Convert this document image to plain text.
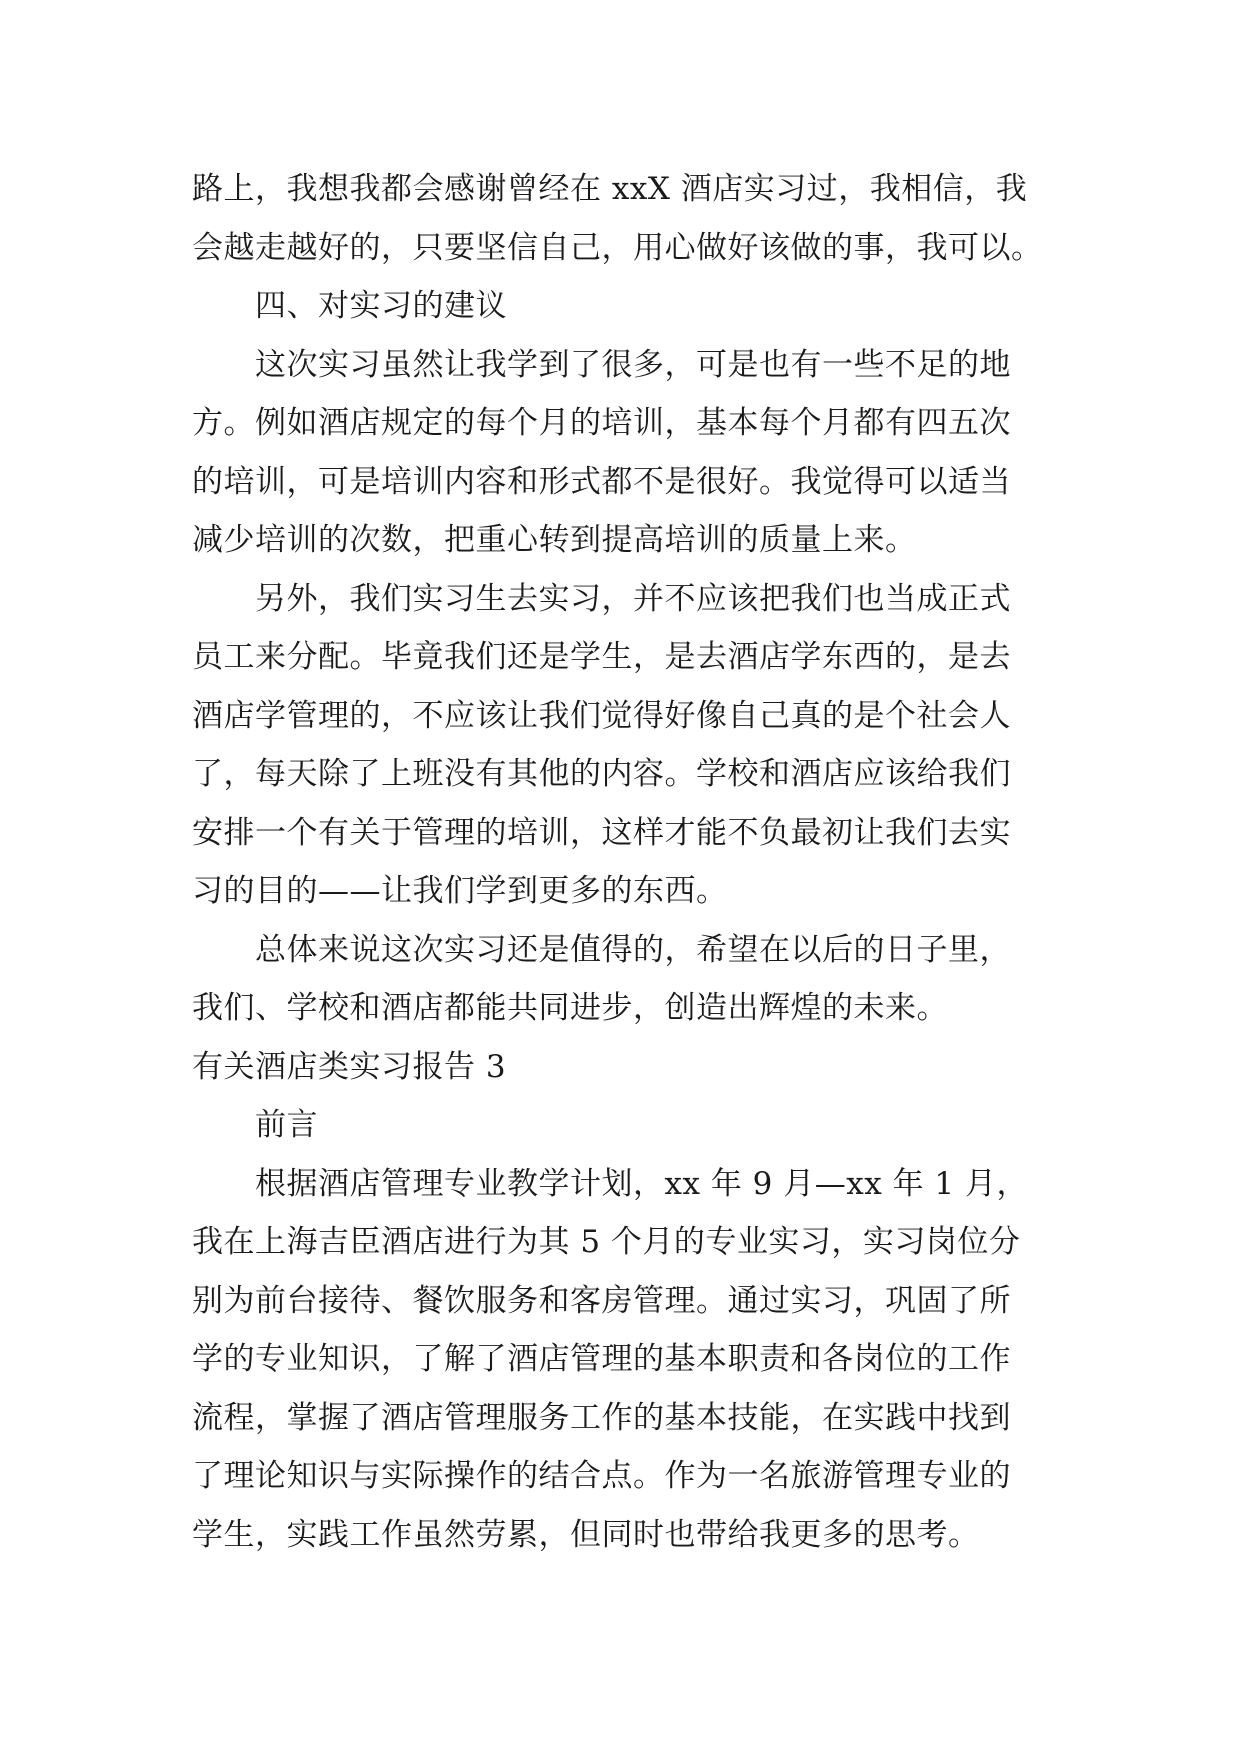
路上，我想我都会感谢曾经在 xxX 酒店实习过，我相信，我
会越走越好的，只要坚信自己，用心做好该做的事，我可以。
四、对实习的建议
这次实习虽然让我学到了很多，可是也有一些不足的地
方。例如酒店规定的每个月的培训，基本每个月都有四五次
的培训，可是培训内容和形式都不是很好。我觉得可以适当
减少培训的次数，把重心转到提高培训的质量上来。
另外，我们实习生去实习，并不应该把我们也当成正式
员工来分配。毕竟我们还是学生，是去酒店学东西的，是去
酒店学管理的，不应该让我们觉得好像自己真的是个社会人
了，每天除了上班没有其他的内容。学校和酒店应该给我们
安排一个有关于管理的培训，这样才能不负最初让我们去实
习的目的——让我们学到更多的东西。
总体来说这次实习还是值得的，希望在以后的日子里，
我们、学校和酒店都能共同进步，创造出辉煌的未来。
有关酒店类实习报告 3
前言
根据酒店管理专业教学计划，xx 年 9 月—xx 年 1 月，
我在上海吉臣酒店进行为其 5 个月的专业实习，实习岗位分
别为前台接待、餐饮服务和客房管理。通过实习，巩固了所
学的专业知识，了解了酒店管理的基本职责和各岗位的工作
流程，掌握了酒店管理服务工作的基本技能，在实践中找到
了理论知识与实际操作的结合点。作为一名旅游管理专业的
学生，实践工作虽然劳累，但同时也带给我更多的思考。
